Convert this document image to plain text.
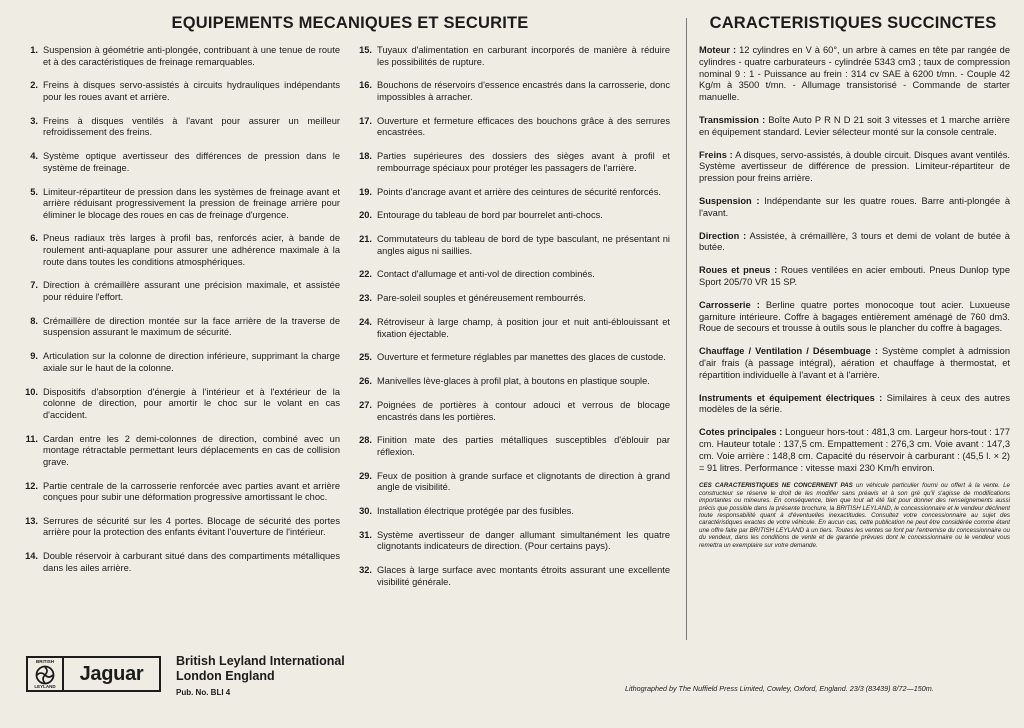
EQUIPEMENTS MECANIQUES ET SECURITE	CARACTERISTIQUES SUCCINCTES
1. Suspension à géométrie anti-plongée, contribuant à une tenue de route et à des caractéristiques de freinage remarquables.
2. Freins à disques servo-assistés à circuits hydrauliques indépendants pour les roues avant et arrière.
3. Freins à disques ventilés à l'avant pour assurer un meilleur refroidissement des freins.
4. Système optique avertisseur des différences de pression dans le système de freinage.
5. Limiteur-répartiteur de pression dans les systèmes de freinage avant et arrière réduisant progressivement la pression de freinage arrière pour éliminer le blocage des roues en cas de freinage d'urgence.
6. Pneus radiaux très larges à profil bas, renforcés acier, à bande de roulement anti-aquaplane pour assurer une adhérence maximale à la route dans toutes les conditions atmosphériques.
7. Direction à crémaillère assurant une précision maximale, et assistée pour réduire l'effort.
8. Crémaillère de direction montée sur la face arrière de la traverse de suspension assurant le maximum de sécurité.
9. Articulation sur la colonne de direction inférieure, supprimant la charge axiale sur le haut de la colonne.
10. Dispositifs d'absorption d'énergie à l'intérieur et à l'extérieur de la colonne de direction, pour amortir le choc sur le volant en cas d'accident.
11. Cardan entre les 2 demi-colonnes de direction, combiné avec un montage rétractable permettant leurs déplacements en cas de collision grave.
12. Partie centrale de la carrosserie renforcée avec parties avant et arrière conçues pour subir une déformation progressive amortissant le choc.
13. Serrures de sécurité sur les 4 portes. Blocage de sécurité des portes arrière pour la protection des enfants évitant l'ouverture de l'intérieur.
14. Double réservoir à carburant situé dans des compartiments métalliques dans les ailes arrière.
15. Tuyaux d'alimentation en carburant incorporés de manière à réduire les possibilités de rupture.
16. Bouchons de réservoirs d'essence encastrés dans la carrosserie, donc impossibles à arracher.
17. Ouverture et fermeture efficaces des bouchons grâce à des serrures encastrées.
18. Parties supérieures des dossiers des sièges avant à profil et rembourrage spéciaux pour protéger les passagers de l'arrière.
19. Points d'ancrage avant et arrière des ceintures de sécurité renforcés.
20. Entourage du tableau de bord par bourrelet anti-chocs.
21. Commutateurs du tableau de bord de type basculant, ne présentant ni angles aigus ni saillies.
22. Contact d'allumage et anti-vol de direction combinés.
23. Pare-soleil souples et généreusement rembourrés.
24. Rétroviseur à large champ, à position jour et nuit anti-éblouissant et fixation éjectable.
25. Ouverture et fermeture réglables par manettes des glaces de custode.
26. Manivelles lève-glaces à profil plat, à boutons en plastique souple.
27. Poignées de portières à contour adouci et verrous de blocage encastrés dans les portières.
28. Finition mate des parties métalliques susceptibles d'éblouir par réflexion.
29. Feux de position à grande surface et clignotants de direction à grand angle de visibilité.
30. Installation électrique protégée par des fusibles.
31. Système avertisseur de danger allumant simultanément les quatre clignotants indicateurs de direction. (Pour certains pays).
32. Glaces à large surface avec montants étroits assurant une excellente visibilité générale.
Moteur : 12 cylindres en V à 60°, un arbre à cames en tête par rangée de cylindres - quatre carburateurs - cylindrée 5343 cm3 ; taux de compression nominal 9 : 1 - Puissance au frein : 314 cv SAE à 6200 t/mn. - Couple 42 Kg/m à 3500 t/mn. - Allumage transistorisé - Commande de starter manuelle.
Transmission : Boîte Auto P R N D 21 soit 3 vitesses et 1 marche arrière en équipement standard. Levier sélecteur monté sur la console centrale.
Freins : A disques, servo-assistés, à double circuit. Disques avant ventilés. Système avertisseur de différence de pression. Limiteur-répartiteur de pression pour freins arrière.
Suspension : Indépendante sur les quatre roues. Barre anti-plongée à l'avant.
Direction : Assistée, à crémaillère, 3 tours et demi de volant de butée à butée.
Roues et pneus : Roues ventilées en acier embouti. Pneus Dunlop type Sport 205/70 VR 15 SP.
Carrosserie : Berline quatre portes monocoque tout acier. Luxueuse garniture intérieure. Coffre à bagages entièrement aménagé de 760 dm3. Roue de secours et trousse à outils sous le plancher du coffre à bagages.
Chauffage / Ventilation / Désembuage : Système complet à admission d'air frais (à passage intégral), aération et chauffage à thermostat, et répartition individuelle à l'avant et à l'arrière.
Instruments et équipement électriques : Similaires à ceux des autres modèles de la série.
Cotes principales : Longueur hors-tout : 481,3 cm. Largeur hors-tout : 177 cm. Hauteur totale : 137,5 cm. Empattement : 276,3 cm. Voie avant : 147,3 cm. Voie arrière : 148,8 cm. Capacité du réservoir à carburant : (45,5 l. × 2) = 91 litres. Performance : vitesse maxi 230 Km/h environ.
CES CARACTERISTIQUES NE CONCERNENT PAS un véhicule particulier fourni ou offert à la vente. Le constructeur se réserve le droit de les modifier sans préavis et à son gré qu'il s'agisse de modifications importantes ou mineures. En conséquence, bien que tout ait été fait pour donner des renseignements aussi précis que possible dans la présente brochure, la BRITISH LEYLAND, le concessionnaire et le vendeur déclinent toute responsabilité quant à d'éventuelles inexactitudes. Consultez votre concessionnaire au sujet des caractéristiques exactes de votre véhicule. En aucun cas, cette publication ne peut être considérée comme étant une offre faite par BRITISH LEYLAND à un tiers. Toutes les ventes se font par l'entremise du concessionnaire ou du vendeur, dans les conditions de vente et de garantie prévues dont le concessionnaire ou le vendeur vous remettra un exemplaire sur votre demande.
BRITISH
LEYLAND
Jaguar
British Leyland International
London England
Pub. No. BLI 4	Lithographed by The Nuffield Press Limited, Cowley, Oxford, England. 23/3 (83439) 8/72—150m.
